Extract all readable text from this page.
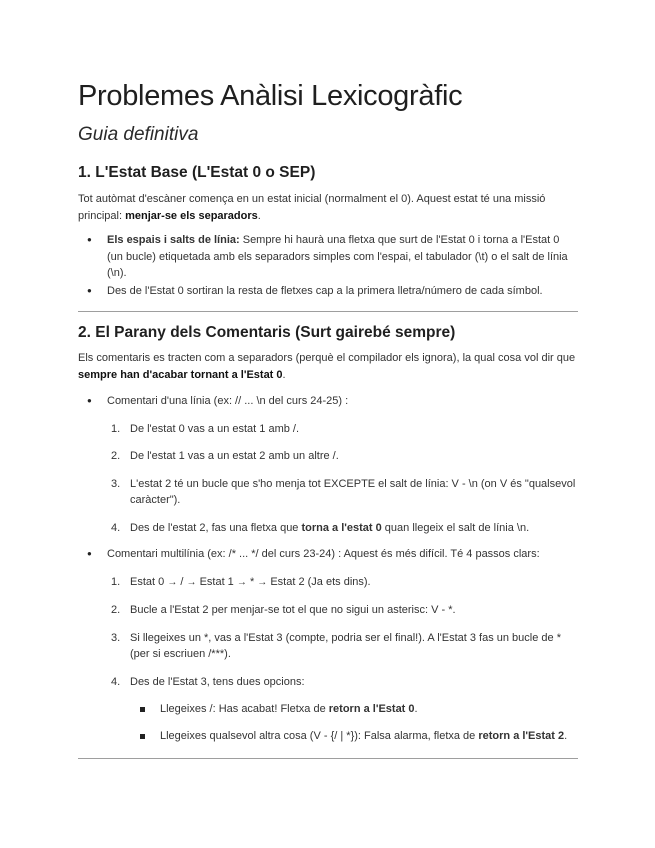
Problemes Anàlisi Lexicogràfic
Guia definitiva
1. L'Estat Base (L'Estat 0 o SEP)

Tot autòmat d'escàner comença en un estat inicial (normalment el 0). Aquest estat té una missió principal: menjar-se els separadors.

● Els espais i salts de línia: Sempre hi haurà una fletxa que surt de l'Estat 0 i torna a l'Estat 0 (un bucle) etiquetada amb els separadors simples com l'espai, el tabulador (\t) o el salt de línia (\n).
● Des de l'Estat 0 sortiran la resta de fletxes cap a la primera lletra/número de cada símbol.
2. El Parany dels Comentaris (Surt gairebé sempre)

Els comentaris es tracten com a separadors (perquè el compilador els ignora), la qual cosa vol dir que sempre han d'acabar tornant a l'Estat 0.

● Comentari d'una línia (ex: // ... \n del curs 24-25) :
1. De l'estat 0 vas a un estat 1 amb /.
2. De l'estat 1 vas a un estat 2 amb un altre /.
3. L'estat 2 té un bucle que s'ho menja tot EXCEPTE el salt de línia: V - \n (on V és "qualsevol caràcter").
4. Des de l'estat 2, fas una fletxa que torna a l'estat 0 quan llegeix el salt de línia \n.
● Comentari multilínia (ex: /* ... */ del curs 23-24) : Aquest és més difícil. Té 4 passos clars:
1. Estat 0 → / → Estat 1 → * → Estat 2 (Ja ets dins).
2. Bucle a l'Estat 2 per menjar-se tot el que no sigui un asterisc: V - *.
3. Si llegeixes un *, vas a l'Estat 3 (compte, podria ser el final!). A l'Estat 3 fas un bucle de * (per si escriuen /***).
4. Des de l'Estat 3, tens dues opcions:
Llegeixes /: Has acabat! Fletxa de retorn a l'Estat 0.
Llegeixes qualsevol altra cosa (V - {/ | *}): Falsa alarma, fletxa de retorn a l'Estat 2.
